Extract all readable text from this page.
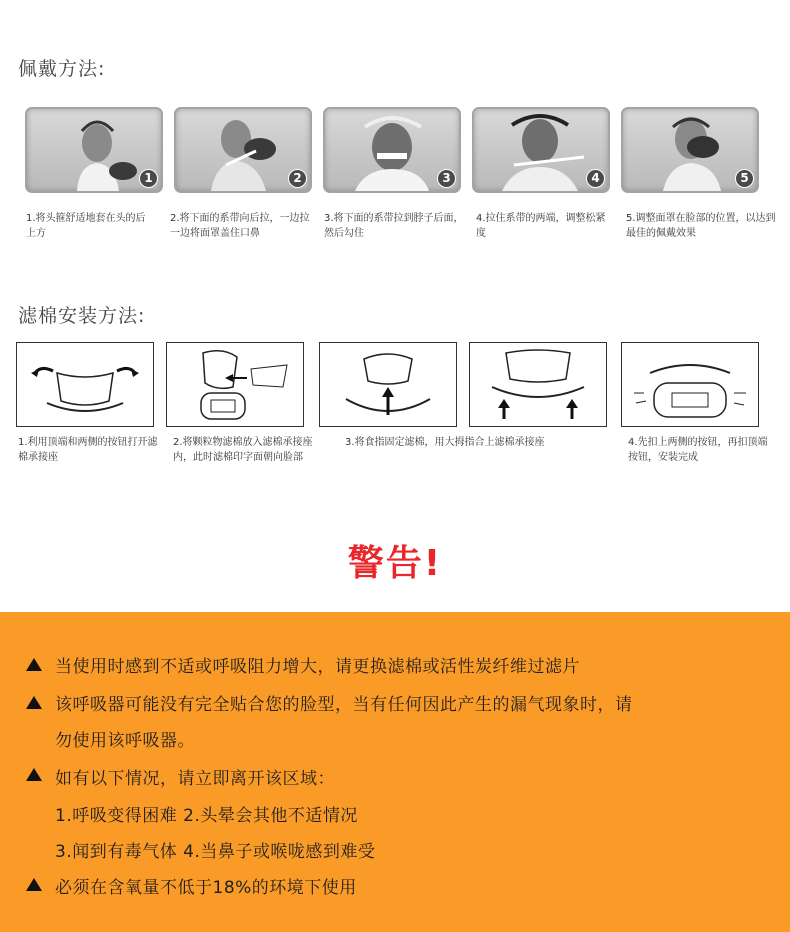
佩戴方法:
1	2	3	4	5
1.将头箍舒适地套在头的后上方
2.将下面的系带向后拉，一边拉一边将面罩盖住口鼻
3.将下面的系带拉到脖子后面，然后勾住
4.拉住系带的两端，调整松紧度
5.调整面罩在脸部的位置，以达到最佳的佩戴效果
滤棉安装方法:
1.利用顶端和两侧的按钮打开滤棉承接座
2.将颗粒物滤棉放入滤棉承接座内，此时滤棉印字面朝向脸部
3.将食指固定滤棉，用大拇指合上滤棉承接座	4.先扣上两侧的按钮，再扣顶端按钮，安装完成
警告!
当使用时感到不适或呼吸阻力增大，请更换滤棉或活性炭纤维过滤片
该呼吸器可能没有完全贴合您的脸型，当有任何因此产生的漏气现象时，请
勿使用该呼吸器。
如有以下情况，请立即离开该区域：
1.呼吸变得困难 2.头晕会其他不适情况
3.闻到有毒气体 4.当鼻子或喉咙感到难受
必须在含氧量不低于18%的环境下使用
